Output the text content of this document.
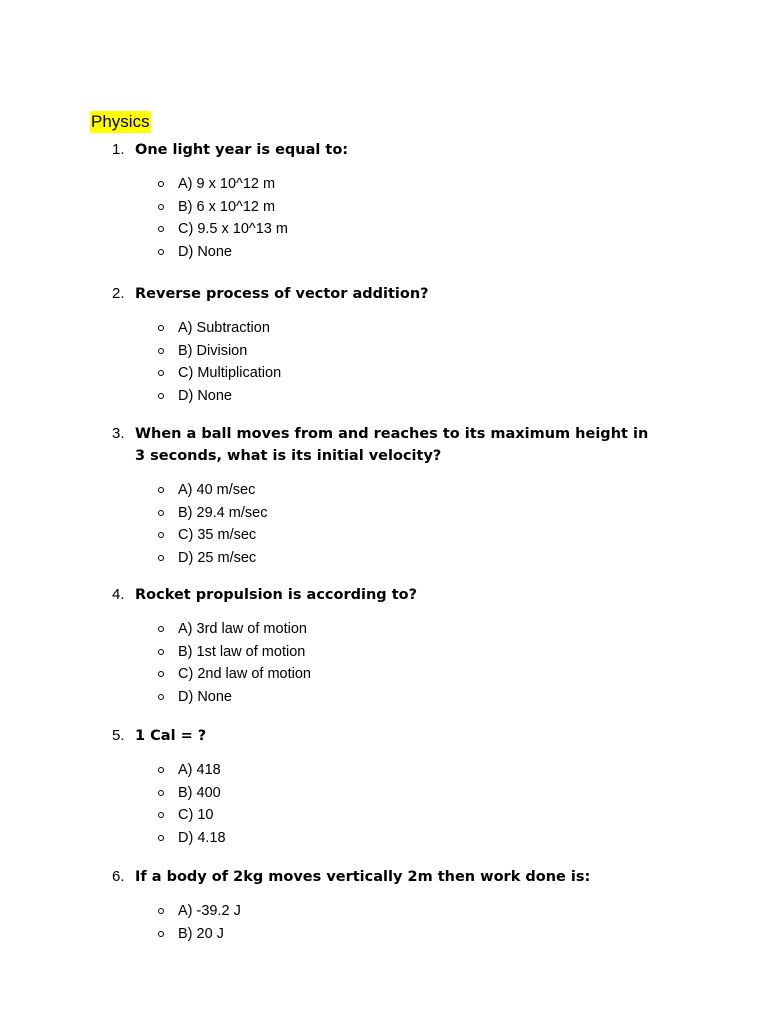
Physics
1. One light year is equal to:
A) 9 x 10^12 m
B) 6 x 10^12 m
C) 9.5 x 10^13 m
D) None
2. Reverse process of vector addition?
A) Subtraction
B) Division
C) Multiplication
D) None
3. When a ball moves from and reaches to its maximum height in 3 seconds, what is its initial velocity?
A) 40 m/sec
B) 29.4 m/sec
C) 35 m/sec
D) 25 m/sec
4. Rocket propulsion is according to?
A) 3rd law of motion
B) 1st law of motion
C) 2nd law of motion
D) None
5. 1 Cal = ?
A) 418
B) 400
C) 10
D) 4.18
6. If a body of 2kg moves vertically 2m then work done is:
A) -39.2 J
B) 20 J
